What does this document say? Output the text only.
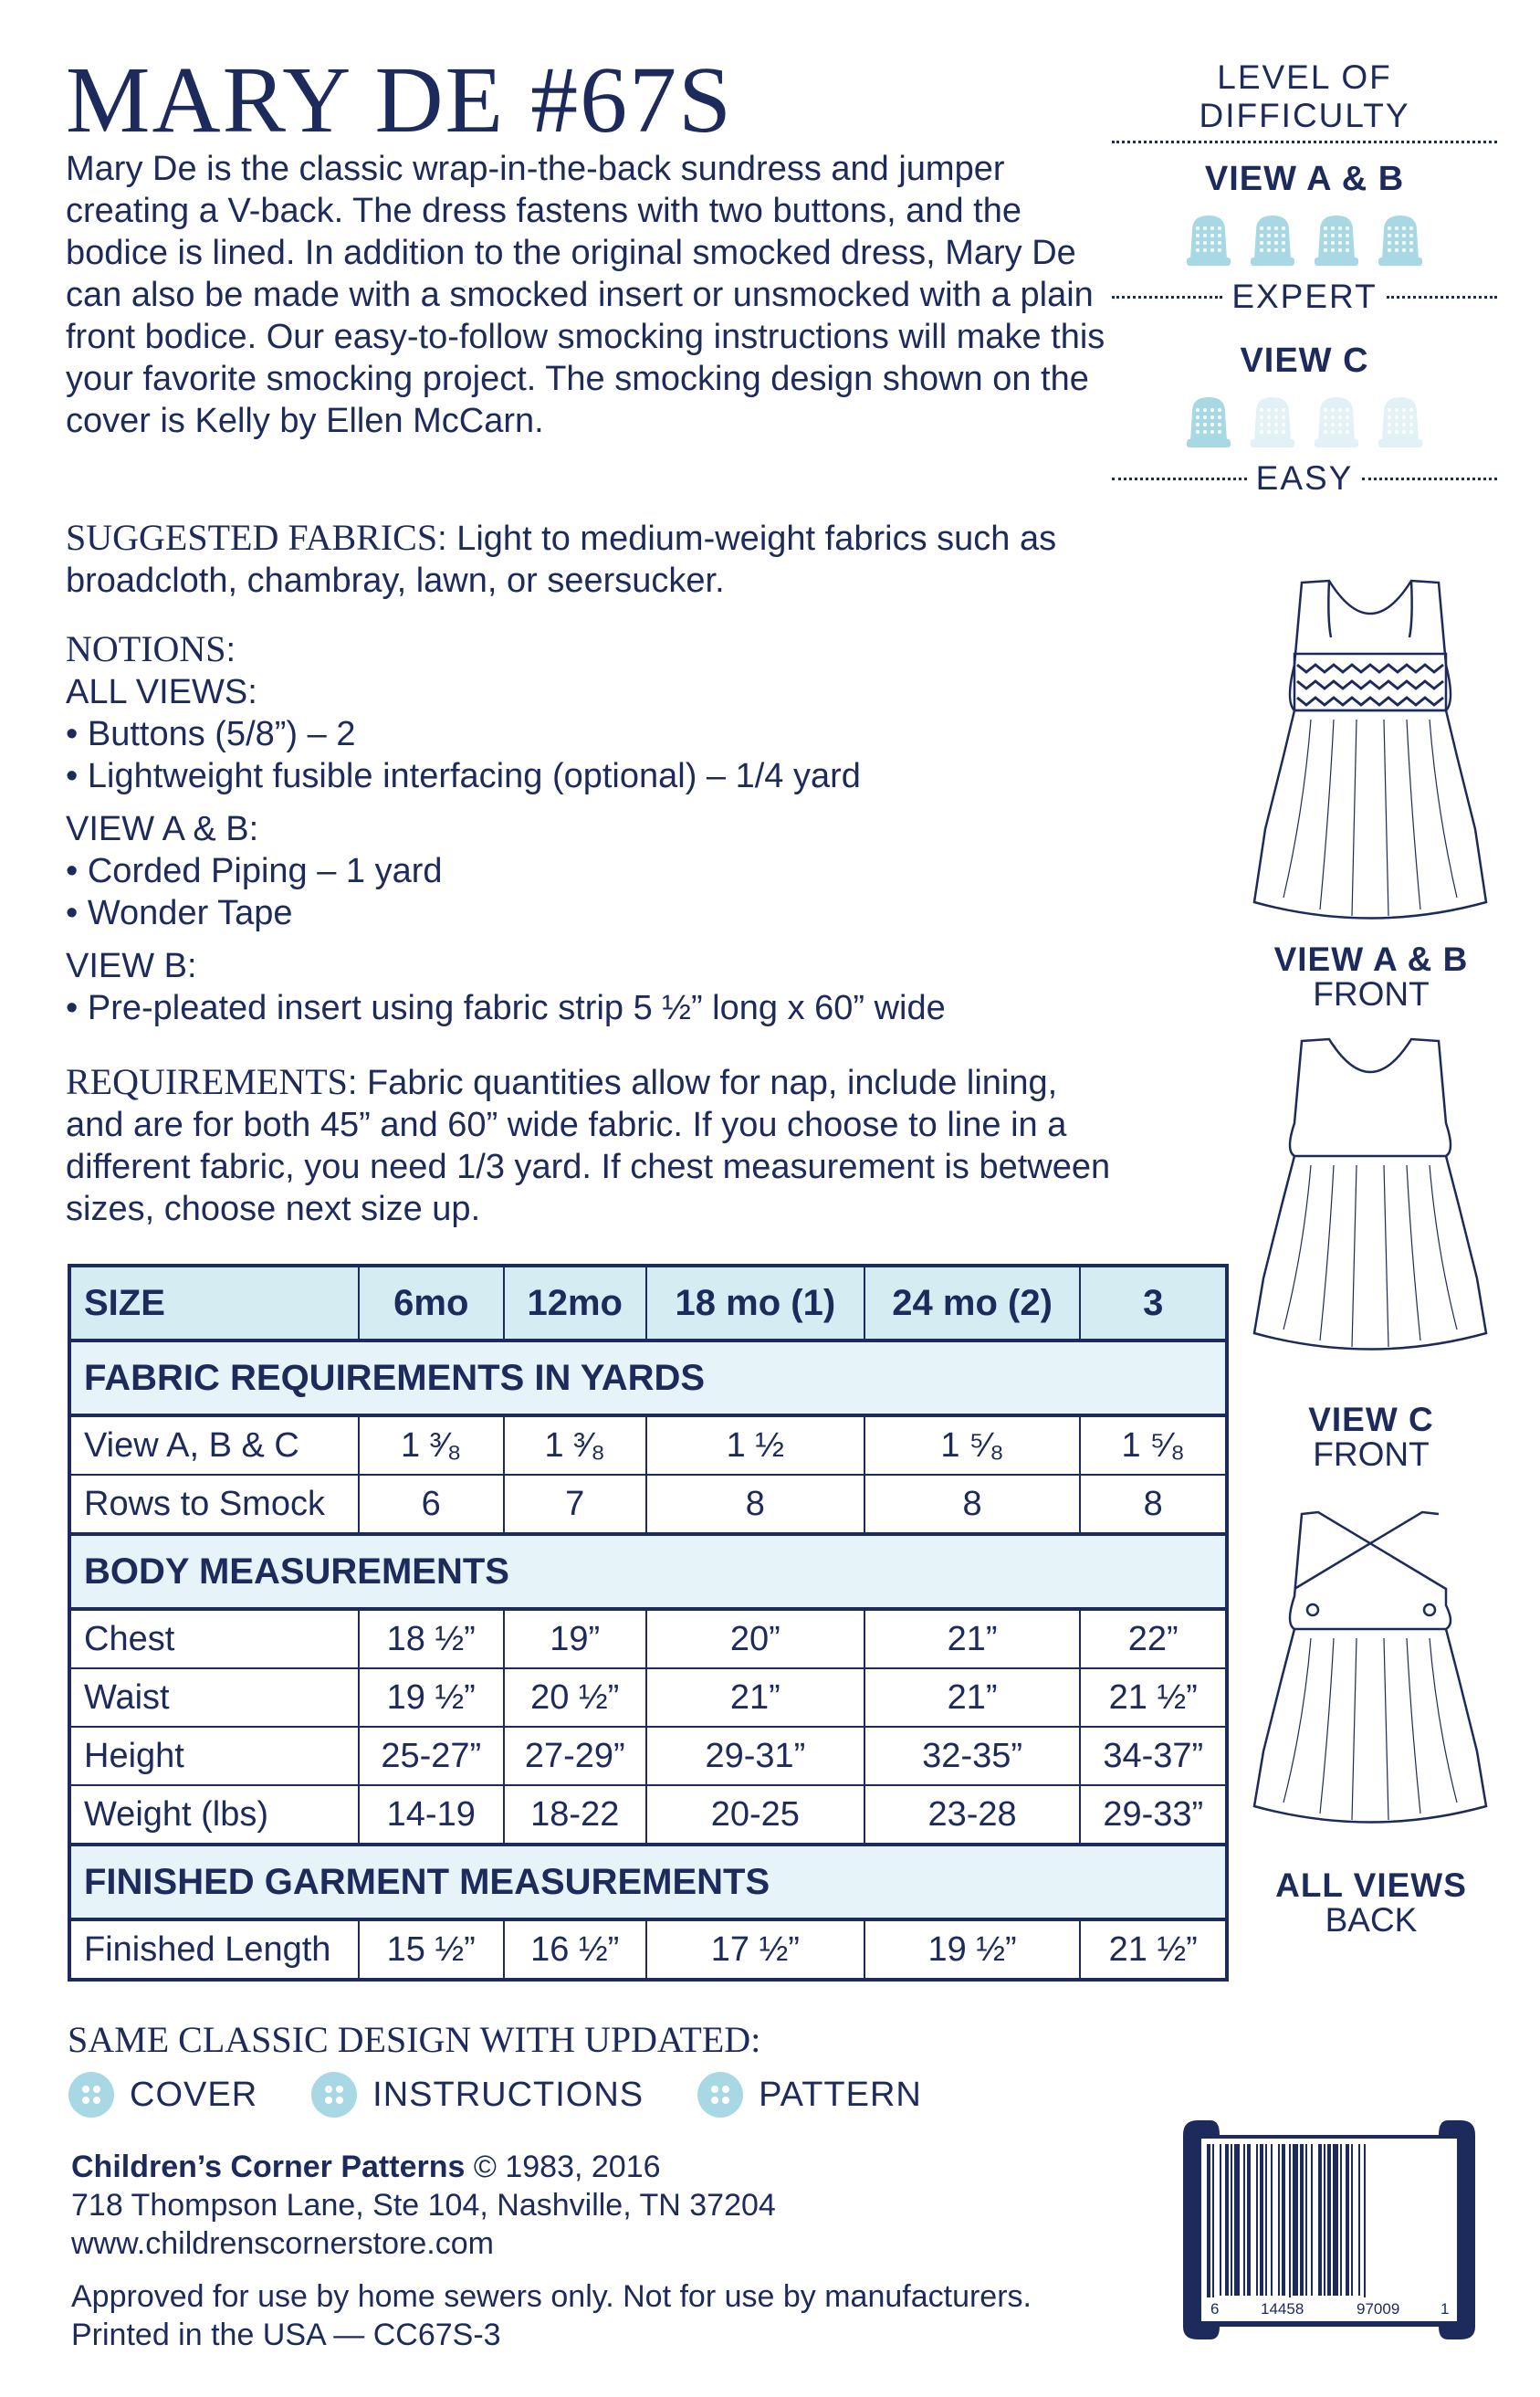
MARY DE #67S
Mary De is the classic wrap-in-the-back sundress and jumper creating a V-back. The dress fastens with two buttons, and the bodice is lined. In addition to the original smocked dress, Mary De can also be made with a smocked insert or unsmocked with a plain front bodice. Our easy-to-follow smocking instructions will make this your favorite smocking project. The smocking design shown on the cover is Kelly by Ellen McCarn.
SUGGESTED FABRICS: Light to medium-weight fabrics such as broadcloth, chambray, lawn, or seersucker.
NOTIONS:
ALL VIEWS:
• Buttons (5/8”) – 2
• Lightweight fusible interfacing (optional) – 1/4 yard
VIEW A & B:
• Corded Piping – 1 yard
• Wonder Tape
VIEW B:
• Pre-pleated insert using fabric strip 5 ½” long x 60” wide
REQUIREMENTS: Fabric quantities allow for nap, include lining, and are for both 45” and 60” wide fabric. If you choose to line in a different fabric, you need 1/3 yard. If chest measurement is between sizes, choose next size up.
LEVEL OF DIFFICULTY
VIEW A & B
EXPERT
VIEW C
EASY
SIZE	6mo	12mo	18 mo (1)	24 mo (2)	3
FABRIC REQUIREMENTS IN YARDS					
View A, B & C	1 ³⁄₈	1 ³⁄₈	1 ½	1 ⁵⁄₈	1 ⁵⁄₈
Rows to Smock	6	7	8	8	8
BODY MEASUREMENTS					
Chest	18 ½”	19”	20”	21”	22”
Waist	19 ½”	20 ½”	21”	21”	21 ½”
Height	25-27”	27-29”	29-31”	32-35”	34-37”
Weight (lbs)	14-19	18-22	20-25	23-28	29-33”
FINISHED GARMENT MEASUREMENTS					
Finished Length	15 ½”	16 ½”	17 ½”	19 ½”	21 ½”
VIEW A & B
FRONT
VIEW C
FRONT
ALL VIEWS
BACK
SAME CLASSIC DESIGN WITH UPDATED:
COVER	INSTRUCTIONS	PATTERN
Children’s Corner Patterns © 1983, 2016
718 Thompson Lane, Ste 104, Nashville, TN 37204
www.childrenscornerstore.com
Approved for use by home sewers only. Not for use by manufacturers.
Printed in the USA — CC67S-3
6	14458	97009	1
